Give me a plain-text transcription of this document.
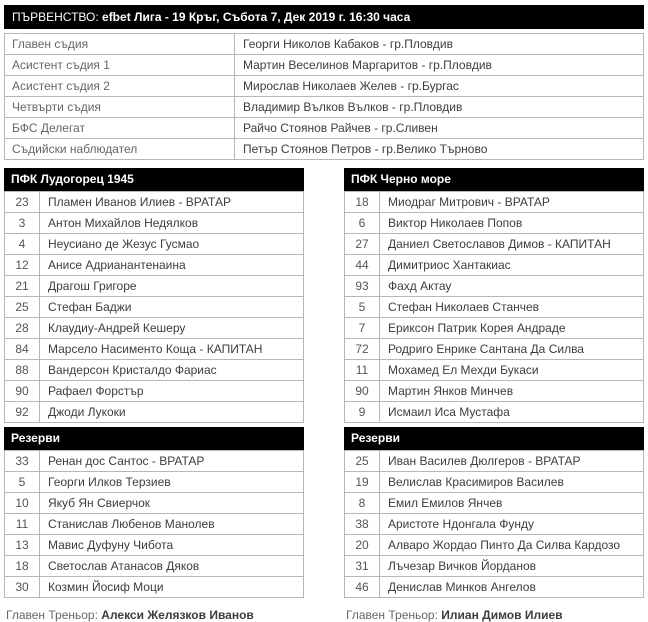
ПЪРВЕНСТВО: efbet Лига - 19 Кръг, Събота 7, Дек 2019 г. 16:30 часа
Главен съдия	Георги Николов Кабаков - гр.Пловдив
Асистент съдия 1	Мартин Веселинов Маргаритов - гр.Пловдив
Асистент съдия 2	Мирослав Николаев Желев - гр.Бургас
Четвърти съдия	Владимир Вълков Вълков - гр.Пловдив
БФС Делегат	Райчо Стоянов Райчев - гр.Сливен
Съдийски наблюдател	Петър Стоянов Петров - гр.Велико Търново
ПФК Лудогорец 1945
23	Пламен Иванов Илиев - ВРАТАР
3	Антон Михайлов Недялков
4	Неусиано де Жезус Гусмао
12	Анисе Адрианантенаина
21	Драгош Григоре
25	Стефан Баджи
28	Клаудиу-Андрей Кешеру
84	Марсело Насименто Коща - КАПИТАН
88	Вандерсон Кристалдо Фариас
90	Рафаел Форстър
92	Джоди Лукоки
Резерви
33	Ренан дос Сантос - ВРАТАР
5	Георги Илков Терзиев
10	Якуб Ян Свиерчок
11	Станислав Любенов Манолев
13	Мавис Дуфуну Чибота
18	Светослав Атанасов Дяков
30	Козмин Йосиф Моци
Главен Треньор: Алекси Желязков Иванов
ПФК Черно море
18	Миодраг Митрович - ВРАТАР
6	Виктор Николаев Попов
27	Даниел Светославов Димов - КАПИТАН
44	Димитриос Хантакиас
93	Фахд Актау
5	Стефан Николаев Станчев
7	Ериксон Патрик Корея Андраде
72	Родриго Енрике Сантана Да Силва
11	Мохамед Ел Мехди Букаси
90	Мартин Янков Минчев
9	Исмаил Иса Мустафа
Резерви
25	Иван Василев Дюлгеров - ВРАТАР
19	Велислав Красимиров Василев
8	Емил Емилов Янчев
38	Аристоте Ндонгала Фунду
20	Алваро Жордао Пинто Да Силва Кардозо
31	Лъчезар Вичков Йорданов
46	Денислав Минков Ангелов
Главен Треньор: Илиан Димов Илиев
